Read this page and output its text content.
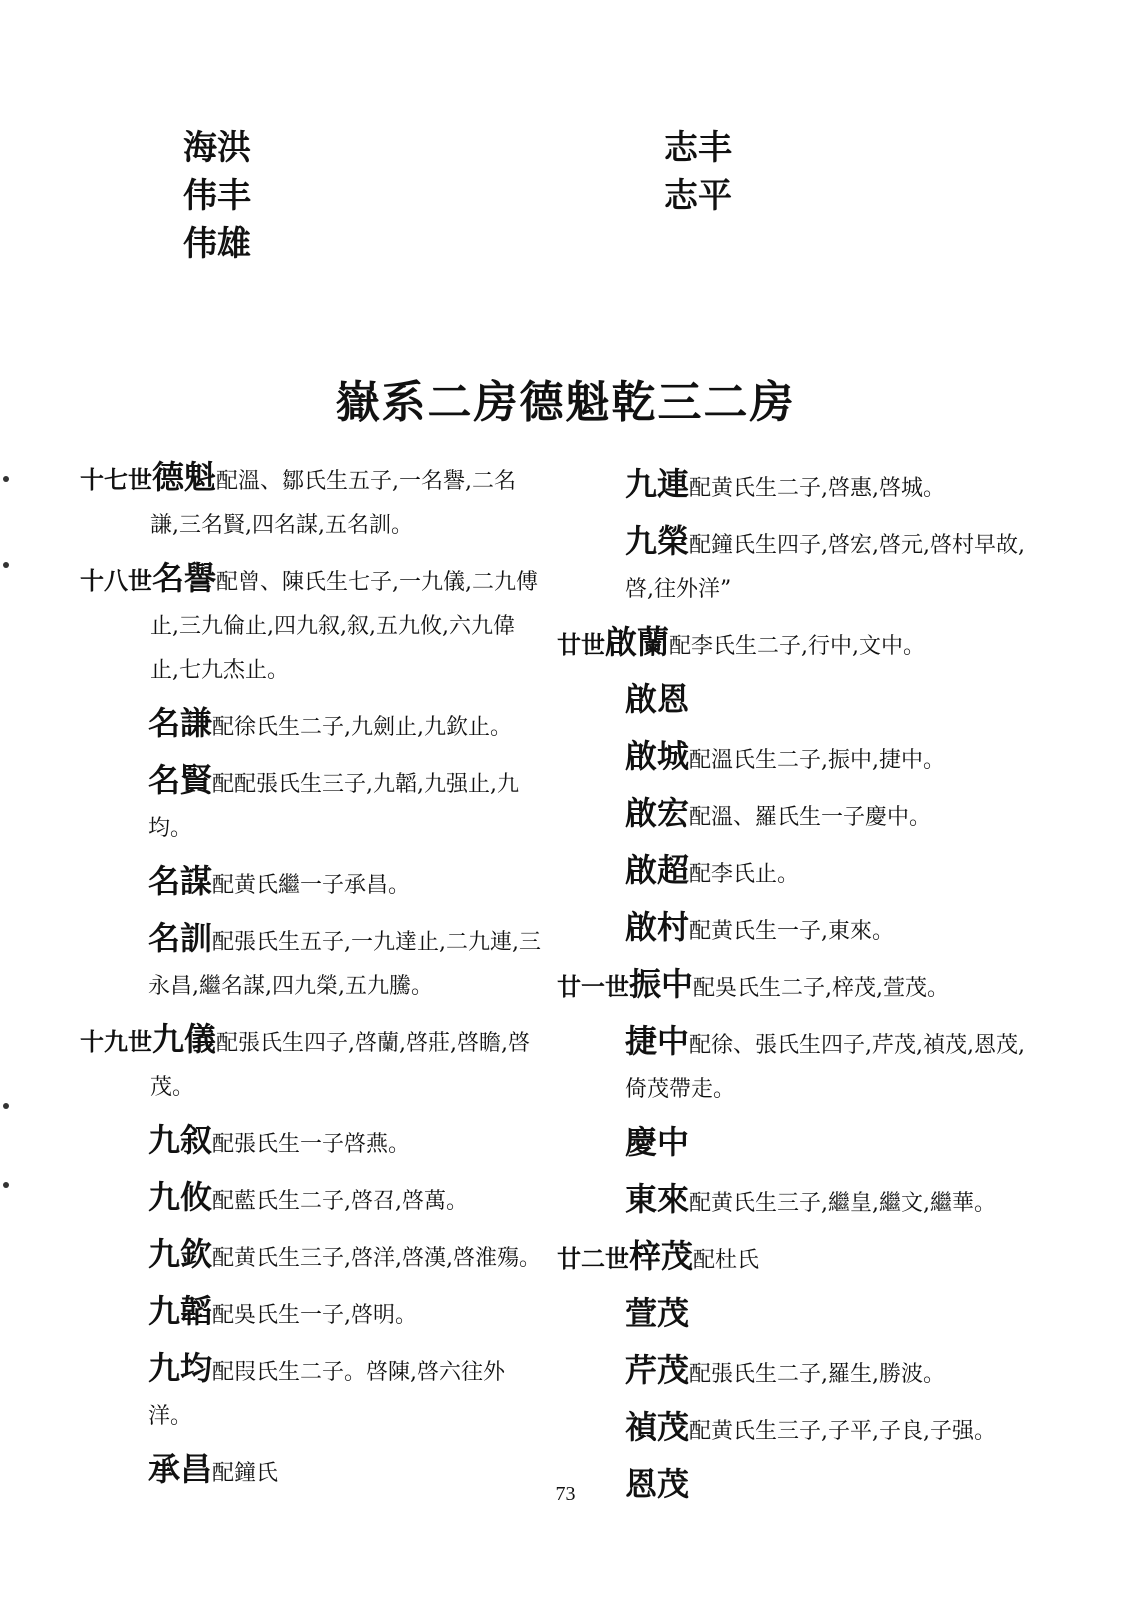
海洪
伟丰
伟雄
志丰
志平
嶽系二房德魁乾三二房
十七世德魁配溫、鄒氏生五子,一名譽,二名謙,三名賢,四名謀,五名訓。
十八世名譽配曾、陳氏生七子,一九儀,二九傅止,三九倫止,四九叙,叙,五九攸,六九偉止,七九杰止。
名謙配徐氏生二子,九劍止,九欽止。
名賢配配張氏生三子,九韜,九强止,九均。
名謀配黄氏繼一子承昌。
名訓配張氏生五子,一九達止,二九連,三永昌,繼名謀,四九榮,五九騰。
十九世九儀配張氏生四子,啓蘭,啓莊,啓瞻,啓茂。
九叙配張氏生一子啓燕。
九攸配藍氏生二子,啓召,啓萬。
九欽配黄氏生三子,啓洋,啓漢,啓淮殤。
九韜配吳氏生一子,啓明。
九均配叚氏生二子。啓陳,啓六往外洋。
承昌配鐘氏
九連配黄氏生二子,啓惠,啓城。
九榮配鐘氏生四子,啓宏,啓元,啓村早故,啓,往外洋”
廿世啟蘭配李氏生二子,行中,文中。
啟恩
啟城配溫氏生二子,振中,捷中。
啟宏配溫、羅氏生一子慶中。
啟超配李氏止。
啟村配黄氏生一子,東來。
廿一世振中配吳氏生二子,梓茂,萱茂。
捷中配徐、張氏生四子,芹茂,禎茂,恩茂,倚茂帶走。
慶中
東來配黄氏生三子,繼皇,繼文,繼華。
廿二世梓茂配杜氏
萱茂
芹茂配張氏生二子,羅生,勝波。
禎茂配黄氏生三子,子平,子良,子强。
恩茂
73
